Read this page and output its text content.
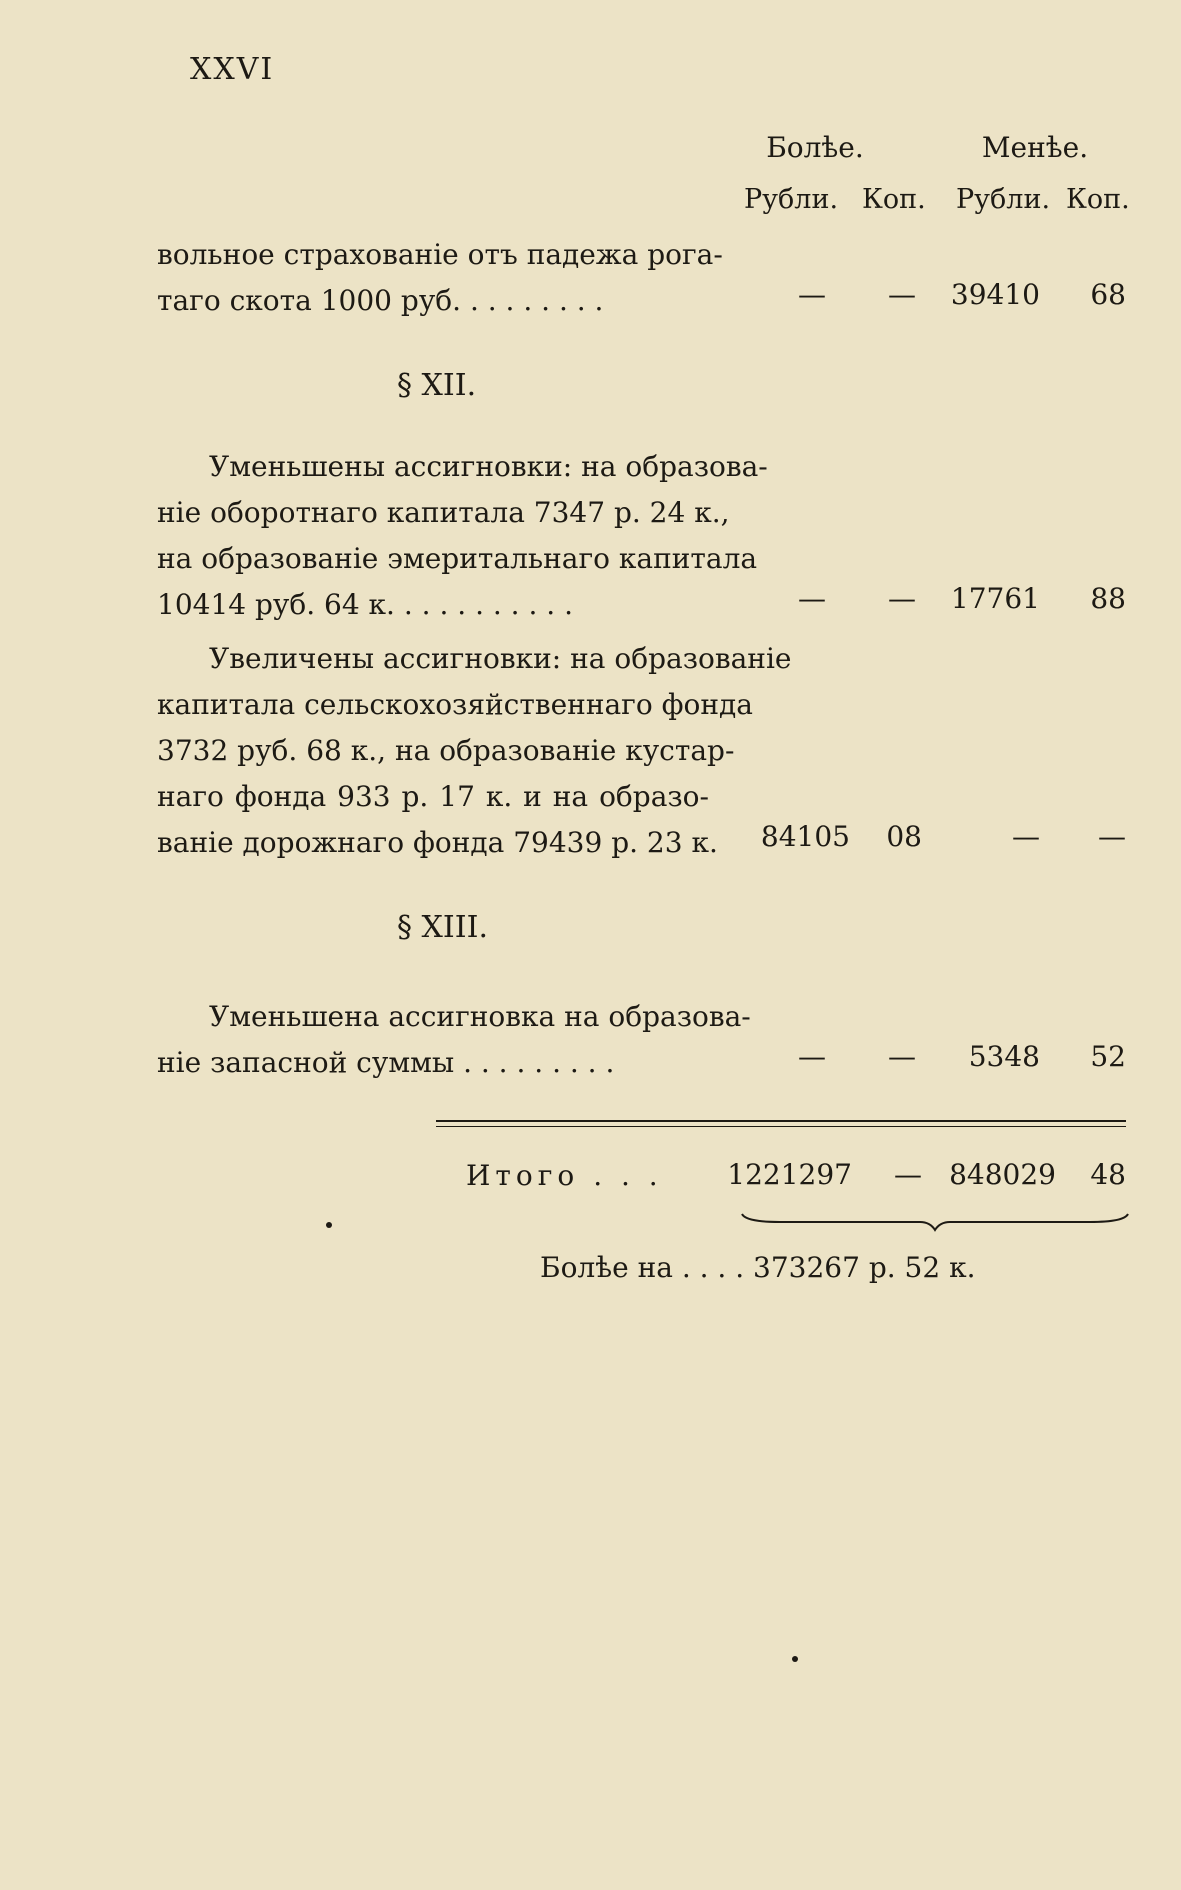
XXVI
Болѣе.	Менѣе.
Рубли. Коп. Рубли. Коп.
вольное страхованіе отъ падежа рога-
таго скота 1000 руб. . . . . . . . .	—	—	39410	68
§ XII.
Уменьшены ассигновки: на образова-
ніе оборотнаго капитала 7347 р. 24 к.,
на образованіе эмеритальнаго капитала
10414 руб. 64 к. . . . . . . . . . .	—	—	17761	88
Увеличены ассигновки: на образованіе
капитала сельскохозяйственнаго фонда
3732 руб. 68 к., на образованіе кустар-
наго фонда 933 р. 17 к. и на образо-
ваніе дорожнаго фонда 79439 р. 23 к.	84105	08	—	—
§ XIII.
Уменьшена ассигновка на образова-
ніе запасной суммы . . . . . . . . .	—	—	5348	52
Итого . . .	1221297	— 848029	48
Болѣе на . . . . 373267 р. 52 к.
